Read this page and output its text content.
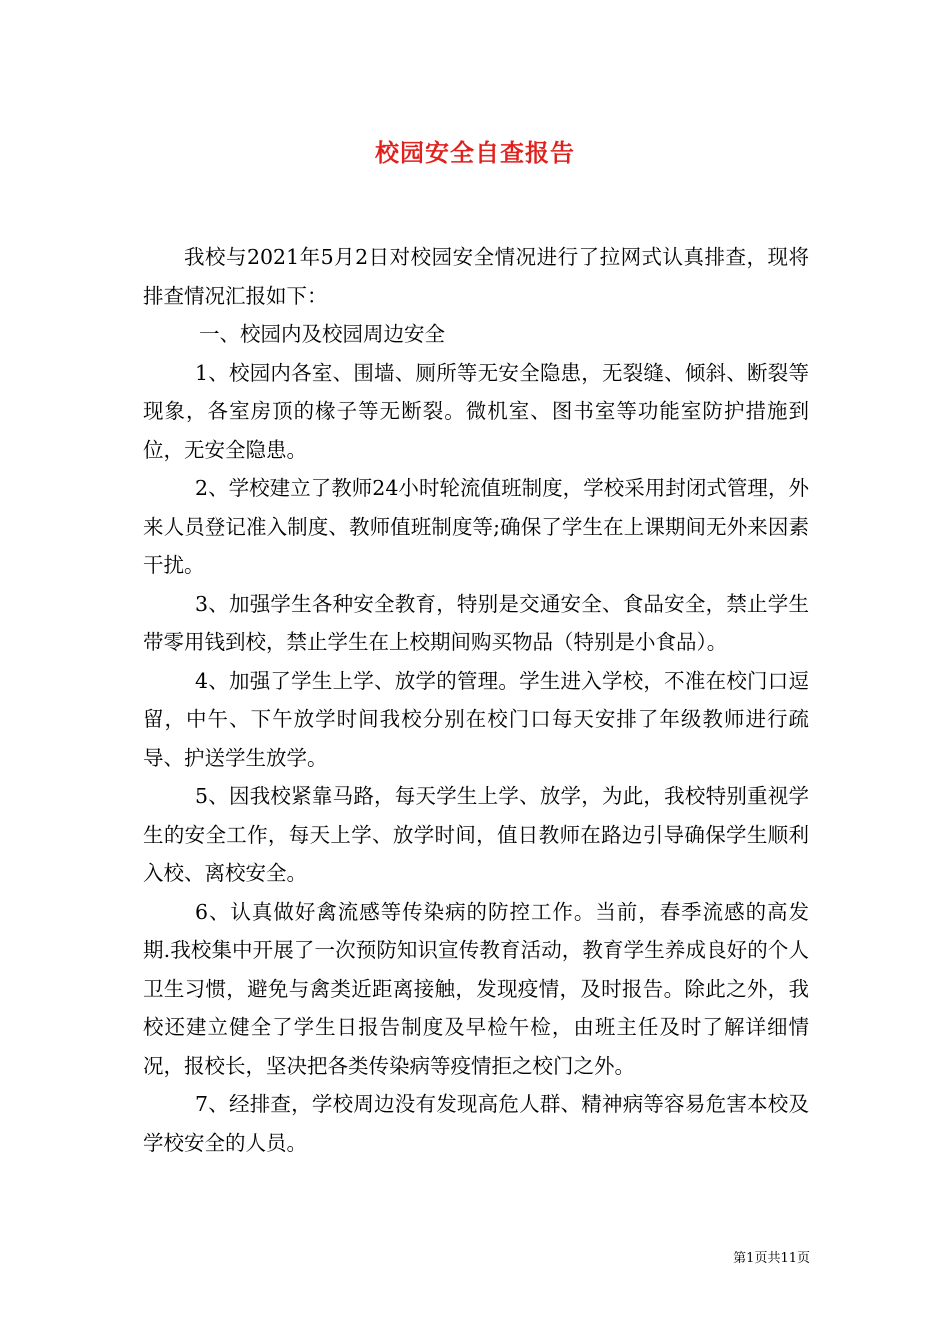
校园安全自查报告

我校与2021年5月2日对校园安全情况进行了拉网式认真排查，现将排查情况汇报如下：

一、校园内及校园周边安全

1、校园内各室、围墙、厕所等无安全隐患，无裂缝、倾斜、断裂等现象，各室房顶的椽子等无断裂。微机室、图书室等功能室防护措施到位，无安全隐患。

2、学校建立了教师24小时轮流值班制度，学校采用封闭式管理，外来人员登记准入制度、教师值班制度等;确保了学生在上课期间无外来因素干扰。

3、加强学生各种安全教育，特别是交通安全、食品安全，禁止学生带零用钱到校，禁止学生在上校期间购买物品（特别是小食品）。

4、加强了学生上学、放学的管理。学生进入学校，不准在校门口逗留，中午、下午放学时间我校分别在校门口每天安排了年级教师进行疏导、护送学生放学。

5、因我校紧靠马路，每天学生上学、放学，为此，我校特别重视学生的安全工作，每天上学、放学时间，值日教师在路边引导确保学生顺利入校、离校安全。

6、认真做好禽流感等传染病的防控工作。当前，春季流感的高发期.我校集中开展了一次预防知识宣传教育活动，教育学生养成良好的个人卫生习惯，避免与禽类近距离接触，发现疫情，及时报告。除此之外，我校还建立健全了学生日报告制度及早检午检，由班主任及时了解详细情况，报校长，坚决把各类传染病等疫情拒之校门之外。

7、经排查，学校周边没有发现高危人群、精神病等容易危害本校及学校安全的人员。

第1页共11页
